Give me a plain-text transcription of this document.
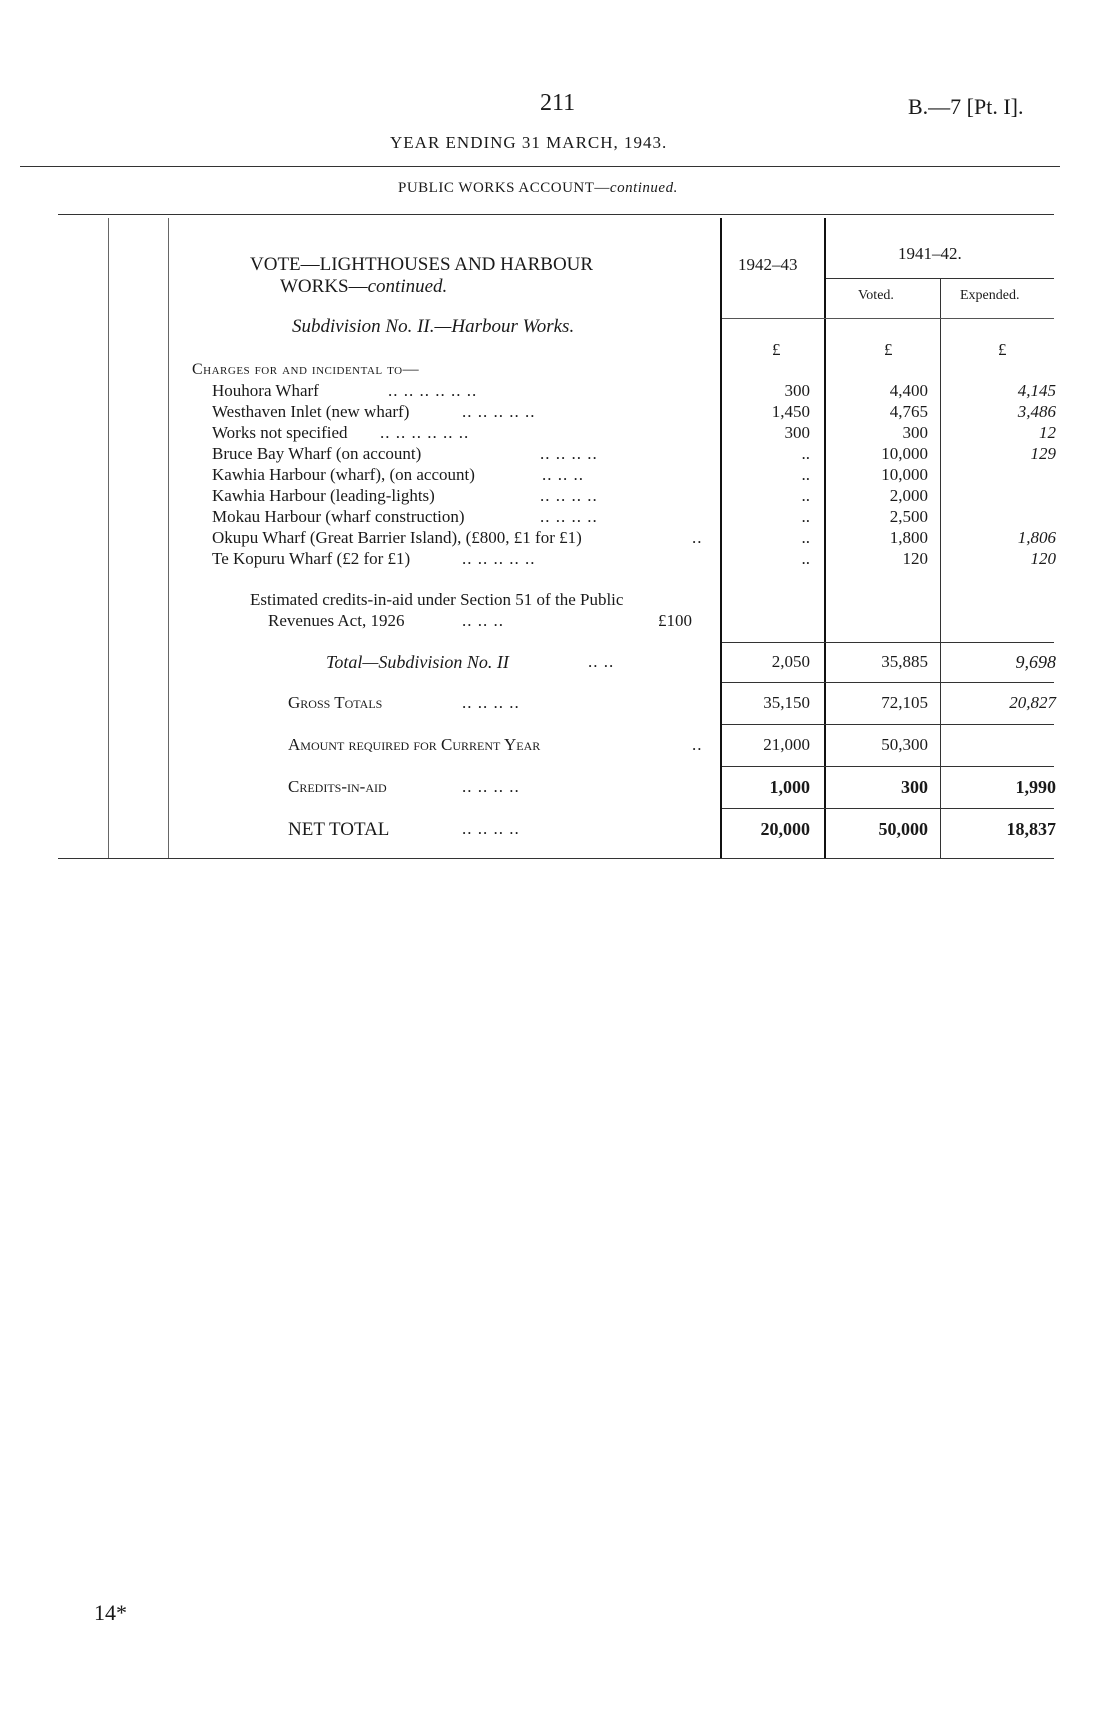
211	B.—7 [Pt. I].
YEAR ENDING 31 MARCH, 1943.
PUBLIC WORKS ACCOUNT—continued.
VOTE—LIGHTHOUSES AND HARBOUR
WORKS—continued.
Subdivision No. II.—Harbour Works.
1942–43
1941–42.
Voted.	Expended.
£	£	£
Charges for and incidental to—
Houhora Wharf	.. .. .. .. .. ..	300	4,400	4,145
Westhaven Inlet (new wharf)	.. .. .. .. ..	1,450	4,765	3,486
Works not specified .. .. .. .. .. ..	300	300	12
Bruce Bay Wharf (on account)	.. .. .. ..	..	10,000	129
Kawhia Harbour (wharf), (on account)	.. .. ..	..	10,000
Kawhia Harbour (leading-lights)	.. .. .. ..	..	2,000
Mokau Harbour (wharf construction)	.. .. .. ..	..	2,500
Okupu Wharf (Great Barrier Island), (£800, £1 for £1)	..	..	1,800	1,806
Te Kopuru Wharf (£2 for £1)	.. .. .. .. ..	..	120	120
Estimated credits-in-aid under Section 51 of the Public
Revenues Act, 1926	.. .. ..	£100
Total—Subdivision No. II	.. ..	2,050	35,885	9,698
Gross Totals	.. .. .. ..	35,150	72,105	20,827
Amount required for Current Year	..	21,000	50,300
Credits-in-aid	.. .. .. ..	1,000	300	1,990
NET TOTAL	.. .. .. ..	20,000	50,000	18,837
14*
